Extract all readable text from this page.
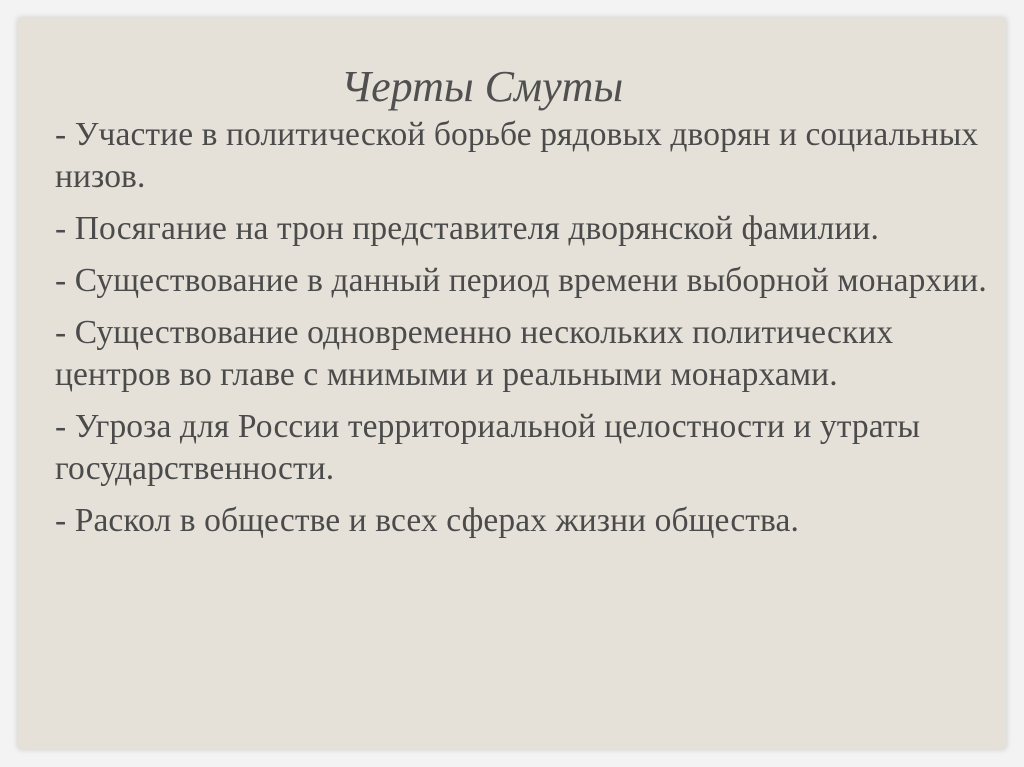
Черты Смуты
- Участие в политической борьбе рядовых дворян и социальных низов.
- Посягание на трон представителя дворянской фамилии.
- Существование в данный период времени выборной монархии.
- Существование одновременно нескольких политических центров во главе с мнимыми и реальными монархами.
- Угроза для России территориальной целостности и утраты государственности.
- Раскол в обществе и всех сферах жизни общества.
